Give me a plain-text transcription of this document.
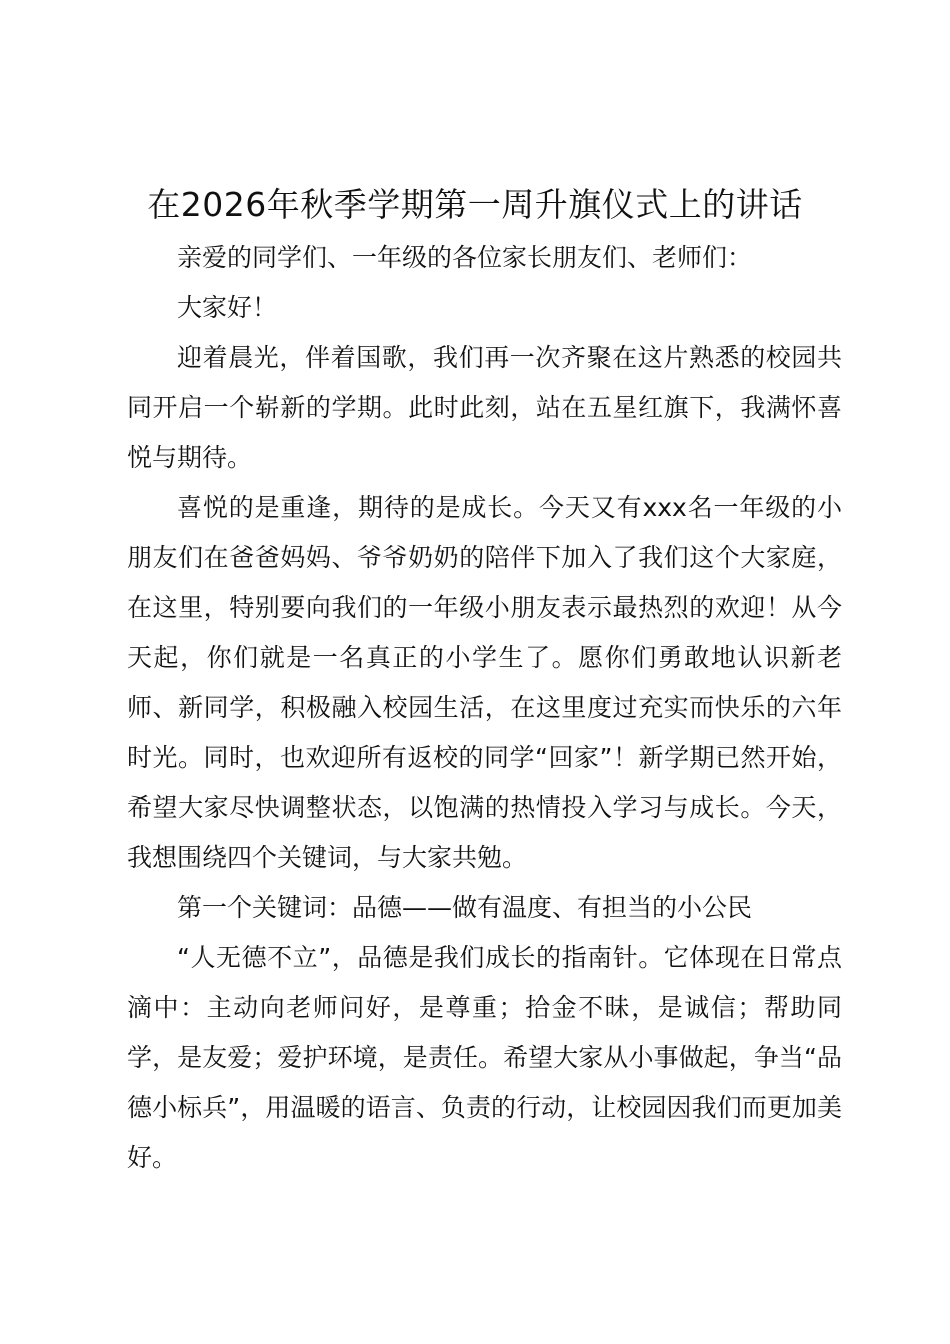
在2026年秋季学期第一周升旗仪式上的讲话

亲爱的同学们、一年级的各位家长朋友们、老师们：

大家好！

迎着晨光，伴着国歌，我们再一次齐聚在这片熟悉的校园共同开启一个崭新的学期。此时此刻，站在五星红旗下，我满怀喜悦与期待。

喜悦的是重逢，期待的是成长。今天又有xxx名一年级的小朋友们在爸爸妈妈、爷爷奶奶的陪伴下加入了我们这个大家庭，在这里，特别要向我们的一年级小朋友表示最热烈的欢迎！从今天起，你们就是一名真正的小学生了。愿你们勇敢地认识新老师、新同学，积极融入校园生活，在这里度过充实而快乐的六年时光。同时，也欢迎所有返校的同学“回家”！新学期已然开始，希望大家尽快调整状态，以饱满的热情投入学习与成长。今天，我想围绕四个关键词，与大家共勉。

第一个关键词：品德——做有温度、有担当的小公民

“人无德不立”，品德是我们成长的指南针。它体现在日常点滴中：主动向老师问好，是尊重；拾金不昧，是诚信；帮助同学，是友爱；爱护环境，是责任。希望大家从小事做起，争当“品德小标兵”，用温暖的语言、负责的行动，让校园因我们而更加美好。
